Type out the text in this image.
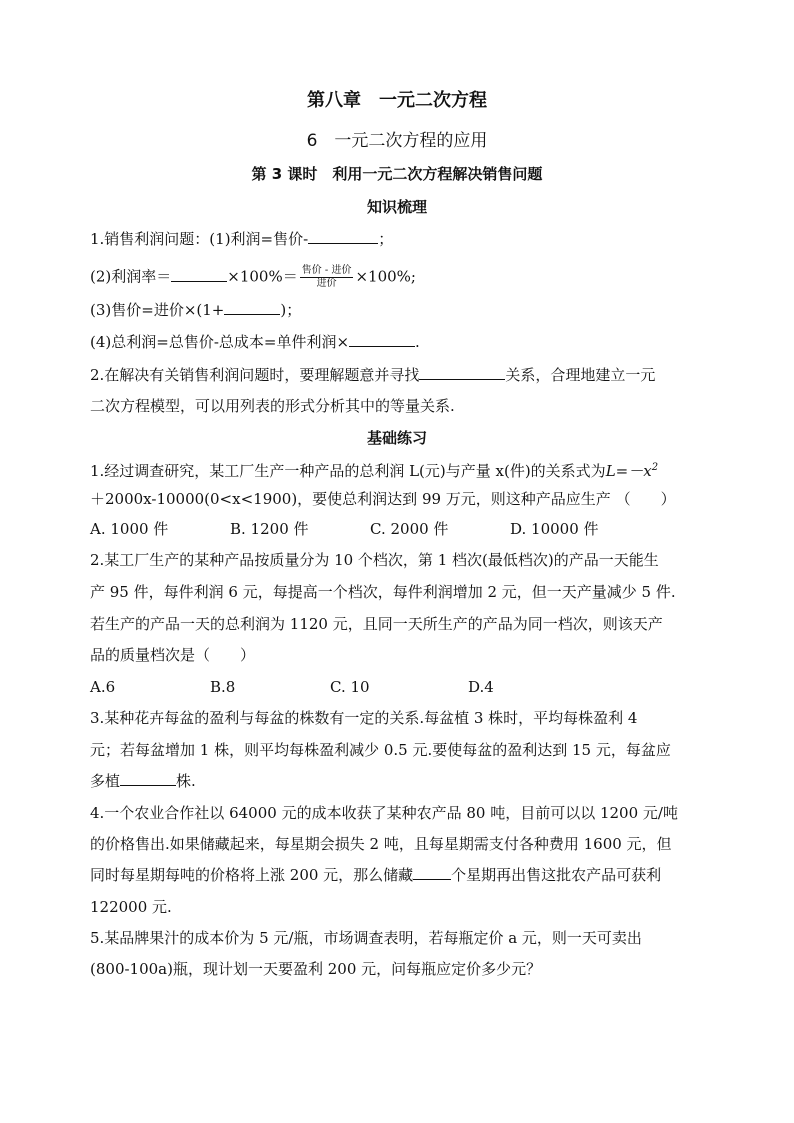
第八章　一元二次方程
6　一元二次方程的应用
第 3 课时　利用一元二次方程解决销售问题
知识梳理
1.销售利润问题：(1)利润=售价-	；
(2)利润率＝	$\times 100\%= \frac{\text{售价 - 进价}}{\text{进价}} \times 100\%$;
(3)售价=进价×(1+	)；
(4)总利润=总售价-总成本=单件利润×	.
2.在解决有关销售利润问题时，要理解题意并寻找	关系，合理地建立一元
二次方程模型，可以用列表的形式分析其中的等量关系.
基础练习
1.经过调查研究，某工厂生产一种产品的总利润 L(元)与产量 x(件)的关系式为$L=-x^2$
＋2000x-10000(0<x<1900)，要使总利润达到 99 万元，则这种产品应生产 （　　）
A. 1000 件	B. 1200 件	C. 2000 件	D. 10000 件
2.某工厂生产的某种产品按质量分为 10 个档次，第 1 档次(最低档次)的产品一天能生
产 95 件，每件利润 6 元，每提高一个档次，每件利润增加 2 元，但一天产量减少 5 件.
若生产的产品一天的总利润为 1120 元，且同一天所生产的产品为同一档次，则该天产
品的质量档次是（　　）
A.6	B.8	C. 10	D.4
3.某种花卉每盆的盈利与每盆的株数有一定的关系.每盆植 3 株时，平均每株盈利 4
元；若每盆增加 1 株，则平均每株盈利减少 0.5 元.要使每盆的盈利达到 15 元，每盆应
多植	株.
4.一个农业合作社以 64000 元的成本收获了某种农产品 80 吨，目前可以以 1200 元/吨
的价格售出.如果储藏起来，每星期会损失 2 吨，且每星期需支付各种费用 1600 元，但
同时每星期每吨的价格将上涨 200 元，那么储藏	个星期再出售这批农产品可获利
122000 元.
5.某品牌果汁的成本价为 5 元/瓶，市场调查表明，若每瓶定价 a 元，则一天可卖出
(800-100a)瓶，现计划一天要盈利 200 元，问每瓶应定价多少元？
